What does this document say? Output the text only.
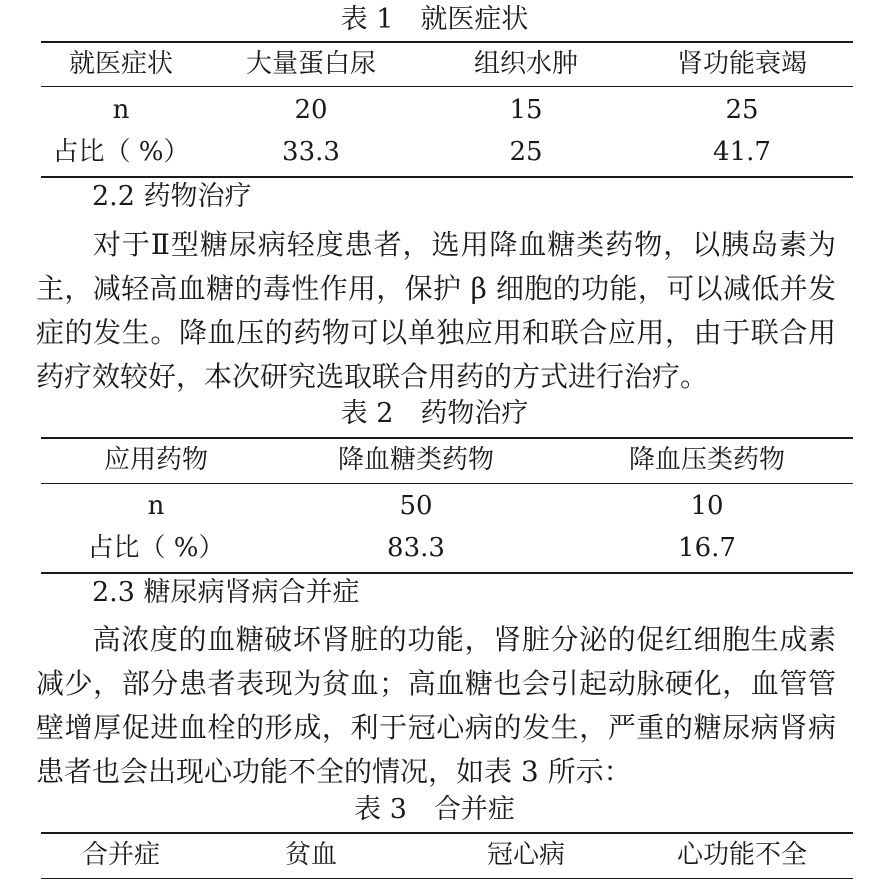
表 1　就医症状
就医症状	大量蛋白尿	组织水肿	肾功能衰竭
n	20	15	25
占比（ %）	33.3	25	41.7
2.2 药物治疗
对于Ⅱ型糖尿病轻度患者，选用降血糖类药物，以胰岛素为主，减轻高血糖的毒性作用，保护 β 细胞的功能，可以减低并发症的发生。降血压的药物可以单独应用和联合应用，由于联合用药疗效较好，本次研究选取联合用药的方式进行治疗。
表 2　药物治疗
应用药物	降血糖类药物	降血压类药物
n	50	10
占比（ %）	83.3	16.7
2.3 糖尿病肾病合并症
高浓度的血糖破坏肾脏的功能，肾脏分泌的促红细胞生成素减少，部分患者表现为贫血；高血糖也会引起动脉硬化，血管管壁增厚促进血栓的形成，利于冠心病的发生，严重的糖尿病肾病患者也会出现心功能不全的情况，如表 3 所示：
表 3　合并症
合并症	贫血	冠心病	心功能不全
